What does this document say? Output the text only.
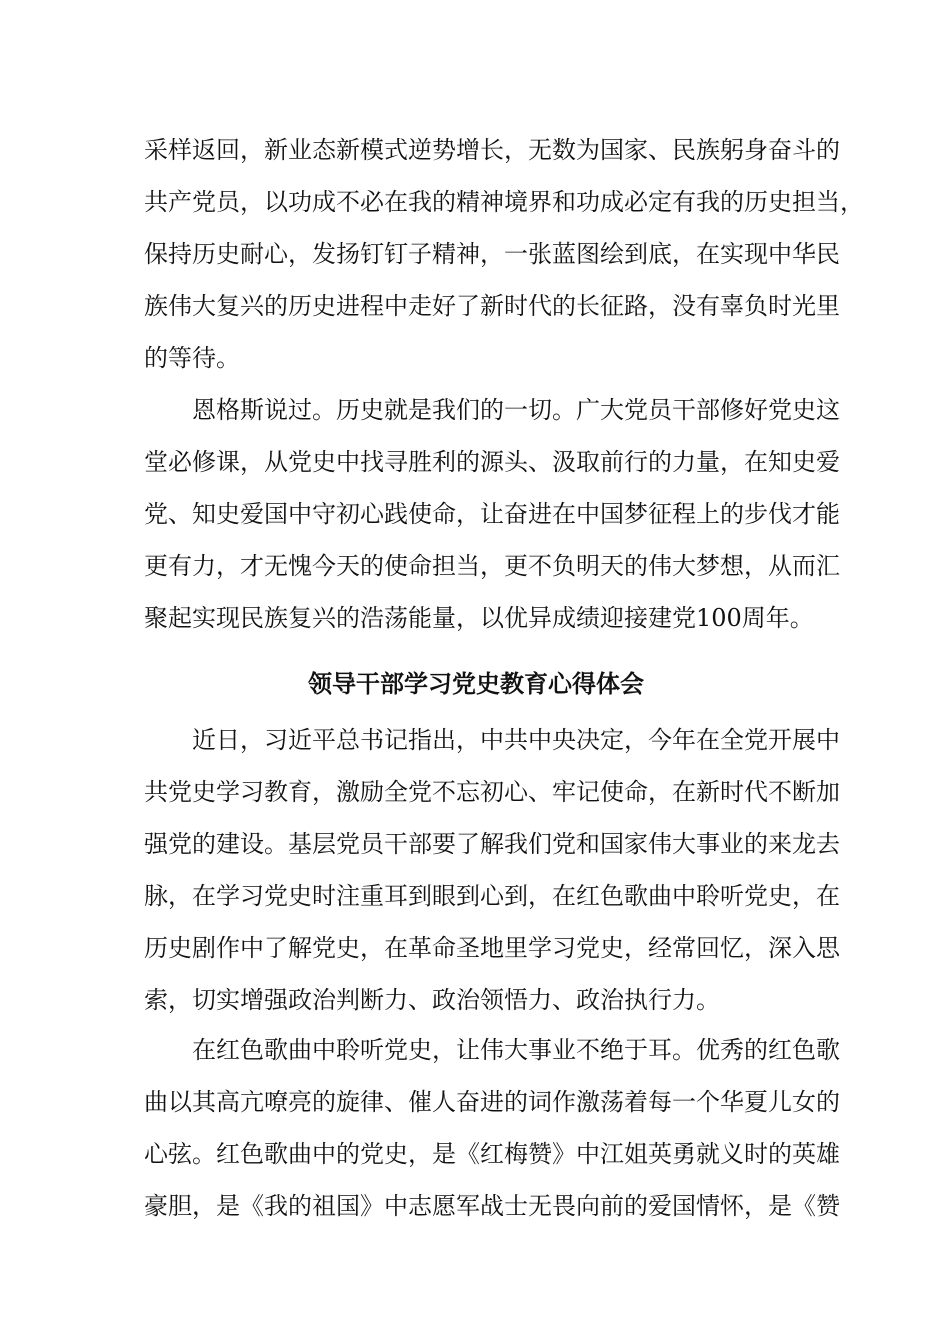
采样返回，新业态新模式逆势增长，无数为国家、民族躬身奋斗的
共产党员，以功成不必在我的精神境界和功成必定有我的历史担当，
保持历史耐心，发扬钉钉子精神，一张蓝图绘到底，在实现中华民
族伟大复兴的历史进程中走好了新时代的长征路，没有辜负时光里
的等待。
恩格斯说过。历史就是我们的一切。广大党员干部修好党史这
堂必修课，从党史中找寻胜利的源头、汲取前行的力量，在知史爱
党、知史爱国中守初心践使命，让奋进在中国梦征程上的步伐才能
更有力，才无愧今天的使命担当，更不负明天的伟大梦想，从而汇
聚起实现民族复兴的浩荡能量，以优异成绩迎接建党100周年。
领导干部学习党史教育心得体会
近日，习近平总书记指出，中共中央决定，今年在全党开展中
共党史学习教育，激励全党不忘初心、牢记使命，在新时代不断加
强党的建设。基层党员干部要了解我们党和国家伟大事业的来龙去
脉，在学习党史时注重耳到眼到心到，在红色歌曲中聆听党史，在
历史剧作中了解党史，在革命圣地里学习党史，经常回忆，深入思
索，切实增强政治判断力、政治领悟力、政治执行力。
在红色歌曲中聆听党史，让伟大事业不绝于耳。优秀的红色歌
曲以其高亢嘹亮的旋律、催人奋进的词作激荡着每一个华夏儿女的
心弦。红色歌曲中的党史，是《红梅赞》中江姐英勇就义时的英雄
豪胆，是《我的祖国》中志愿军战士无畏向前的爱国情怀，是《赞
